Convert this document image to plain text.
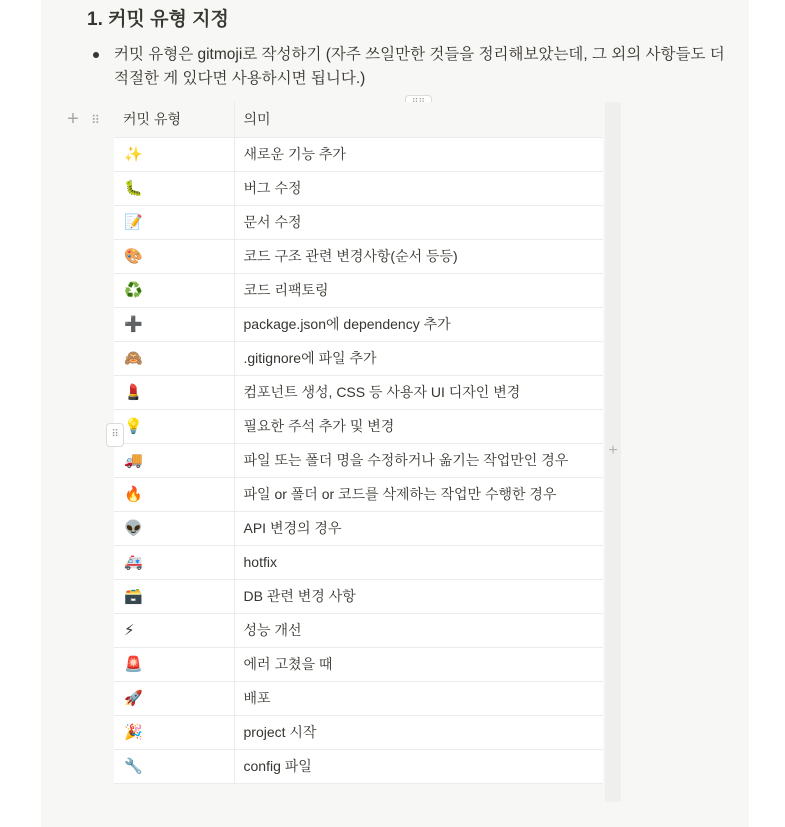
1. 커밋 유형 지정
커밋 유형은 gitmoji로 작성하기 (자주 쓰일만한 것들을 정리해보았는데, 그 외의 사항들도 더 적절한 게 있다면 사용하시면 됩니다.)
+ ⠿
+
커밋 유형	의미
✨	새로운 기능 추가
🐛	버그 수정
📝	문서 수정
🎨	코드 구조 관련 변경사항(순서 등등)
♻️	코드 리팩토링
➕	package.json에 dependency 추가
🙈	.gitignore에 파일 추가
💄	컴포넌트 생성, CSS 등 사용자 UI 디자인 변경
💡	필요한 주석 추가 및 변경
🚚	파일 또는 폴더 명을 수정하거나 옮기는 작업만인 경우
🔥	파일 or 폴더 or 코드를 삭제하는 작업만 수행한 경우
👽	API 변경의 경우
🚑	hotfix
🗃️	DB 관련 변경 사항
⚡	성능 개선
🚨	에러 고쳤을 때
🚀	배포
🎉	project 시작
🔧	config 파일
⠿
